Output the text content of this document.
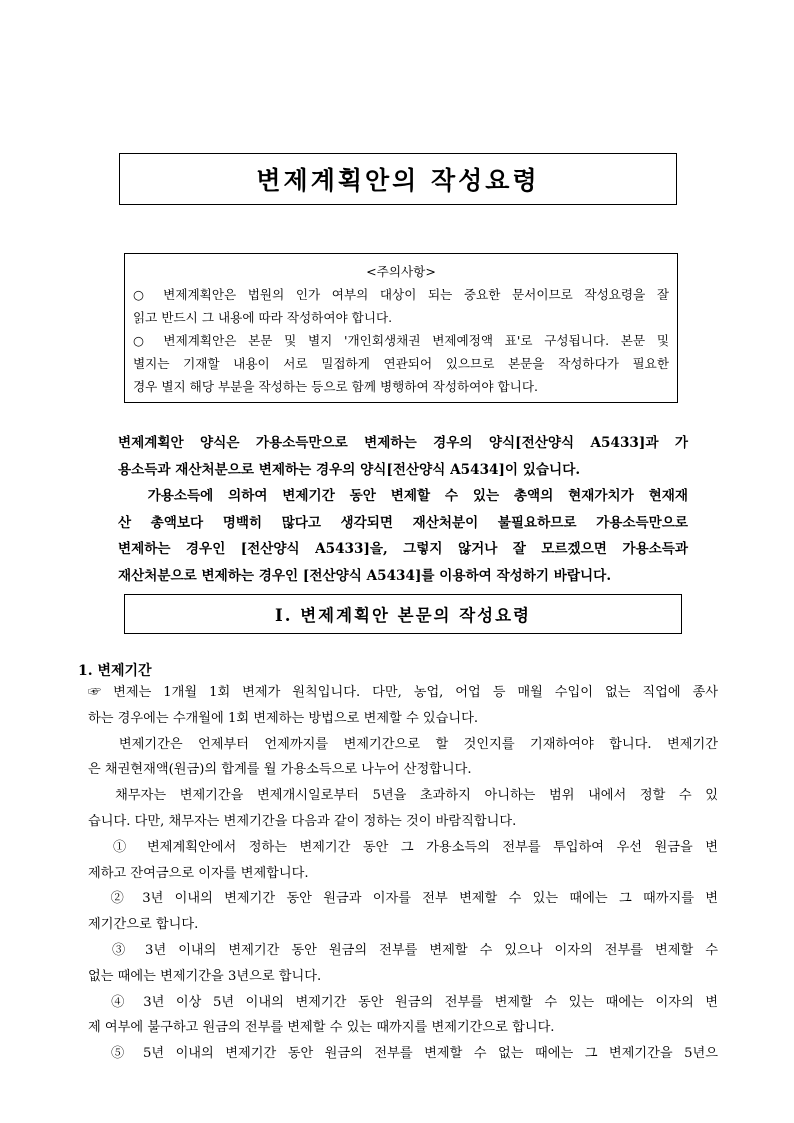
변제계획안의 작성요령
<주의사항>
○ 변제계획안은 법원의 인가 여부의 대상이 되는 중요한 문서이므로 작성요령을 잘
읽고 반드시 그 내용에 따라 작성하여야 합니다.
○ 변제계획안은 본문 및 별지 '개인회생채권 변제예정액 표'로 구성됩니다. 본문 및
별지는 기재할 내용이 서로 밀접하게 연관되어 있으므로 본문을 작성하다가 필요한
경우 별지 해당 부분을 작성하는 등으로 함께 병행하여 작성하여야 합니다.
변제계획안 양식은 가용소득만으로 변제하는 경우의 양식[전산양식 A5433]과 가
용소득과 재산처분으로 변제하는 경우의 양식[전산양식 A5434]이 있습니다.
가용소득에 의하여 변제기간 동안 변제할 수 있는 총액의 현재가치가 현재재
산 총액보다 명백히 많다고 생각되면 재산처분이 불필요하므로 가용소득만으로
변제하는 경우인 [전산양식 A5433]을, 그렇지 않거나 잘 모르겠으면 가용소득과
재산처분으로 변제하는 경우인 [전산양식 A5434]를 이용하여 작성하기 바랍니다.
Ⅰ. 변제계획안 본문의 작성요령
1. 변제기간
☞ 변제는 1개월 1회 변제가 원칙입니다. 다만, 농업, 어업 등 매월 수입이 없는 직업에 종사
하는 경우에는 수개월에 1회 변제하는 방법으로 변제할 수 있습니다.
변제기간은 언제부터 언제까지를 변제기간으로 할 것인지를 기재하여야 합니다. 변제기간
은 채권현재액(원금)의 합계를 월 가용소득으로 나누어 산정합니다.
채무자는 변제기간을 변제개시일로부터 5년을 초과하지 아니하는 범위 내에서 정할 수 있
습니다. 다만, 채무자는 변제기간을 다음과 같이 정하는 것이 바람직합니다.
① 변제계획안에서 정하는 변제기간 동안 그 가용소득의 전부를 투입하여 우선 원금을 변
제하고 잔여금으로 이자를 변제합니다.
② 3년 이내의 변제기간 동안 원금과 이자를 전부 변제할 수 있는 때에는 그 때까지를 변
제기간으로 합니다.
③ 3년 이내의 변제기간 동안 원금의 전부를 변제할 수 있으나 이자의 전부를 변제할 수
없는 때에는 변제기간을 3년으로 합니다.
④ 3년 이상 5년 이내의 변제기간 동안 원금의 전부를 변제할 수 있는 때에는 이자의 변
제 여부에 불구하고 원금의 전부를 변제할 수 있는 때까지를 변제기간으로 합니다.
⑤ 5년 이내의 변제기간 동안 원금의 전부를 변제할 수 없는 때에는 그 변제기간을 5년으
